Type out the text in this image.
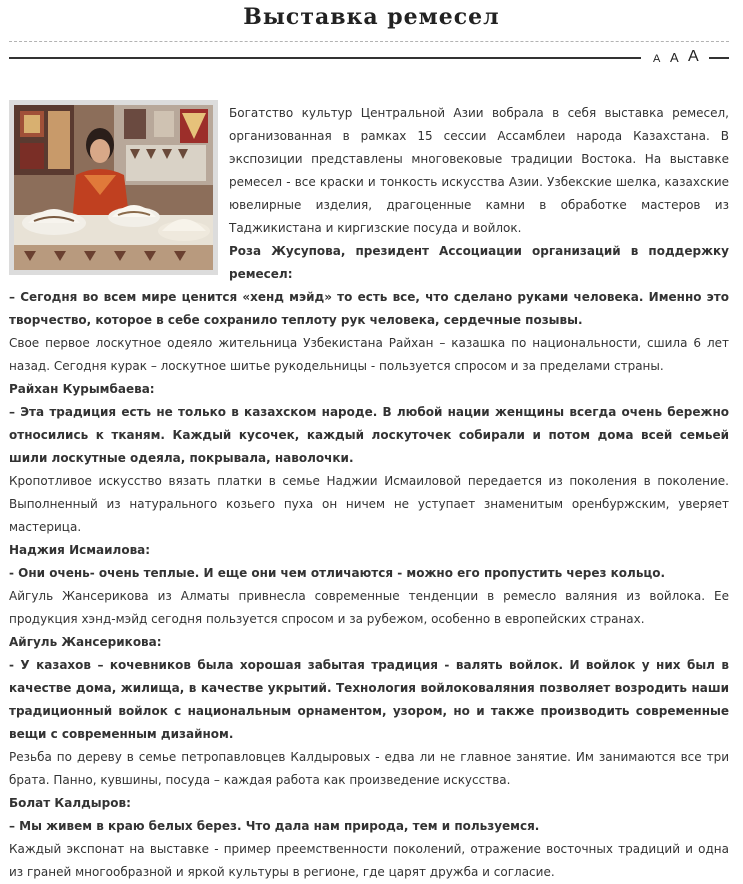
Выставка ремесел
A A A

Богатство культур Центральной Азии вобрала в себя выставка ремесел, организованная в рамках 15 сессии Ассамблеи народа Казахстана. В экспозиции представлены многовековые традиции Востока. На выставке ремесел - все краски и тонкость искусства Азии. Узбекские шелка, казахские ювелирные изделия, драгоценные камни в обработке мастеров из Таджикистана и киргизские посуда и войлок.

Роза Жусупова, президент Ассоциации организаций в поддержку ремесел:

– Сегодня во всем мире ценится «хенд мэйд» то есть все, что сделано руками человека. Именно это творчество, которое в себе сохранило теплоту рук человека, сердечные позывы.

Свое первое лоскутное одеяло жительница Узбекистана Райхан – казашка по национальности, сшила 6 лет назад. Сегодня курак – лоскутное шитье рукодельницы - пользуется спросом и за пределами страны.

Райхан Курымбаева:

– Эта традиция есть не только в казахском народе. В любой нации женщины всегда очень бережно относились к тканям. Каждый кусочек, каждый лоскуточек собирали и потом дома всей семьей шили лоскутные одеяла, покрывала, наволочки.

Кропотливое искусство вязать платки в семье Наджии Исмаиловой передается из поколения в поколение. Выполненный из натурального козьего пуха он ничем не уступает знаменитым оренбуржским, уверяет мастерица.

Наджия Исмаилова:

- Они очень- очень теплые. И еще они чем отличаются - можно его пропустить через кольцо.

Айгуль Жансерикова из Алматы привнесла современные тенденции в ремесло валяния из войлока. Ее продукция хэнд-мэйд сегодня пользуется спросом и за рубежом, особенно в европейских странах.

Айгуль Жансерикова:

- У казахов – кочевников была хорошая забытая традиция - валять войлок. И войлок у них был в качестве дома, жилища, в качестве укрытий. Технология войлоковаляния позволяет возродить наши традиционный войлок с национальным орнаментом, узором, но и также производить современные вещи с современным дизайном.

Резьба по дереву в семье петропавловцев Калдыровых - едва ли не главное занятие. Им занимаются все три брата. Панно, кувшины, посуда – каждая работа как произведение искусства.

Болат Калдыров:

– Мы живем в краю белых берез. Что дала нам природа, тем и пользуемся.

Каждый экспонат на выставке - пример преемственности поколений, отражение восточных традиций и одна из граней многообразной и яркой культуры в регионе, где царят дружба и согласие.
